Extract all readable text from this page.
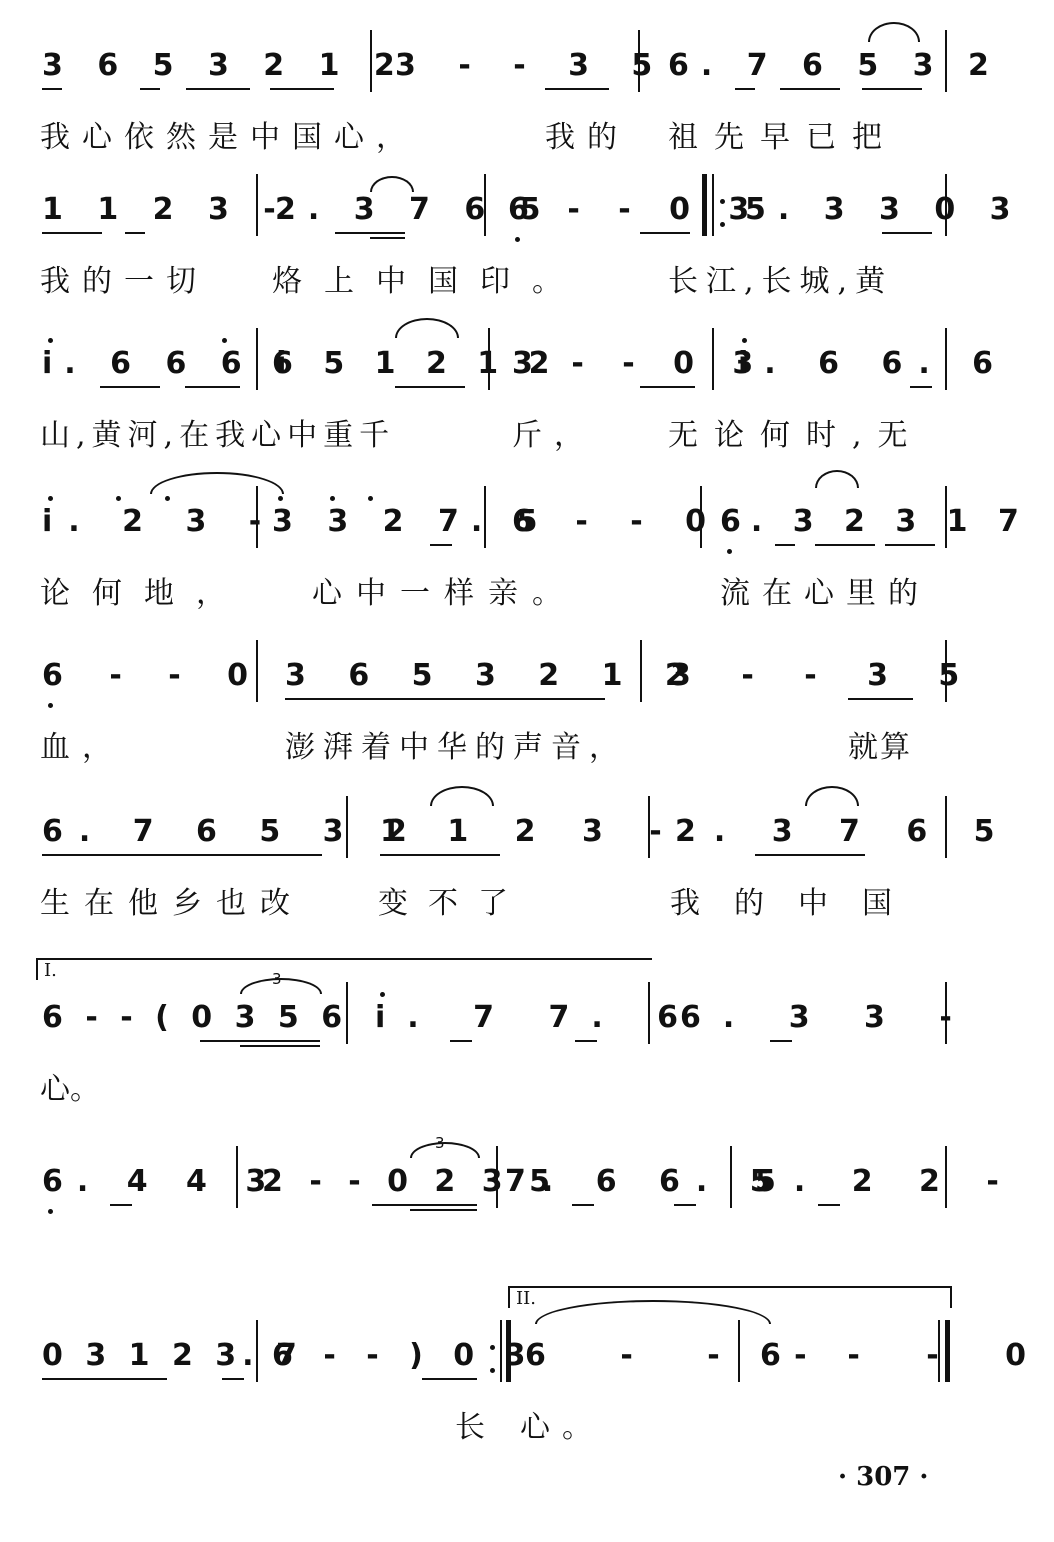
3 6 5 3 2 1 2
3 - - 3 5 6. 7 6 5 3 2

我心依然是中国心，

	我的

祖先早已把

1 1 2 3 -
2. 3 7 6 5
6 - - 0 3
5. 3 3 0 3

我的一切

烙上中国印。

	长江,长城,黄

i. 6 6 6 i
6 5 1 2 1 2
3 - - 0 3
i. 6 6. 6

山,黄河,在我心中重千

	斤，

无论何时,无

i. 2 3 -
3 3 2 7. 5
6 - - 0
6. 3 2 3 1 7

论何地，

心中一样亲。

	流在心里的

6 - - 0 3 6 5 3 2 1 2
3 - - 3 5

血，

	澎湃着中华的声音，

	就算

6. 7 6 5 3 2
1 1 2 3 -
2. 3 7 6 5

生在他乡也改

变不了

	我的中国

I.
6 - - ( 0 3 5 6 i. 7 7. 6
6. 3 3 -
3

心。

6. 4 4 3
2 - - 0 2 3 5
7. 6 6. 5
5. 2 2 -
3
II.
0 3 1 2 3. 7
6 - - ) 0 3
6 - - -
6 - - 0

长

心。

· 307 ·
